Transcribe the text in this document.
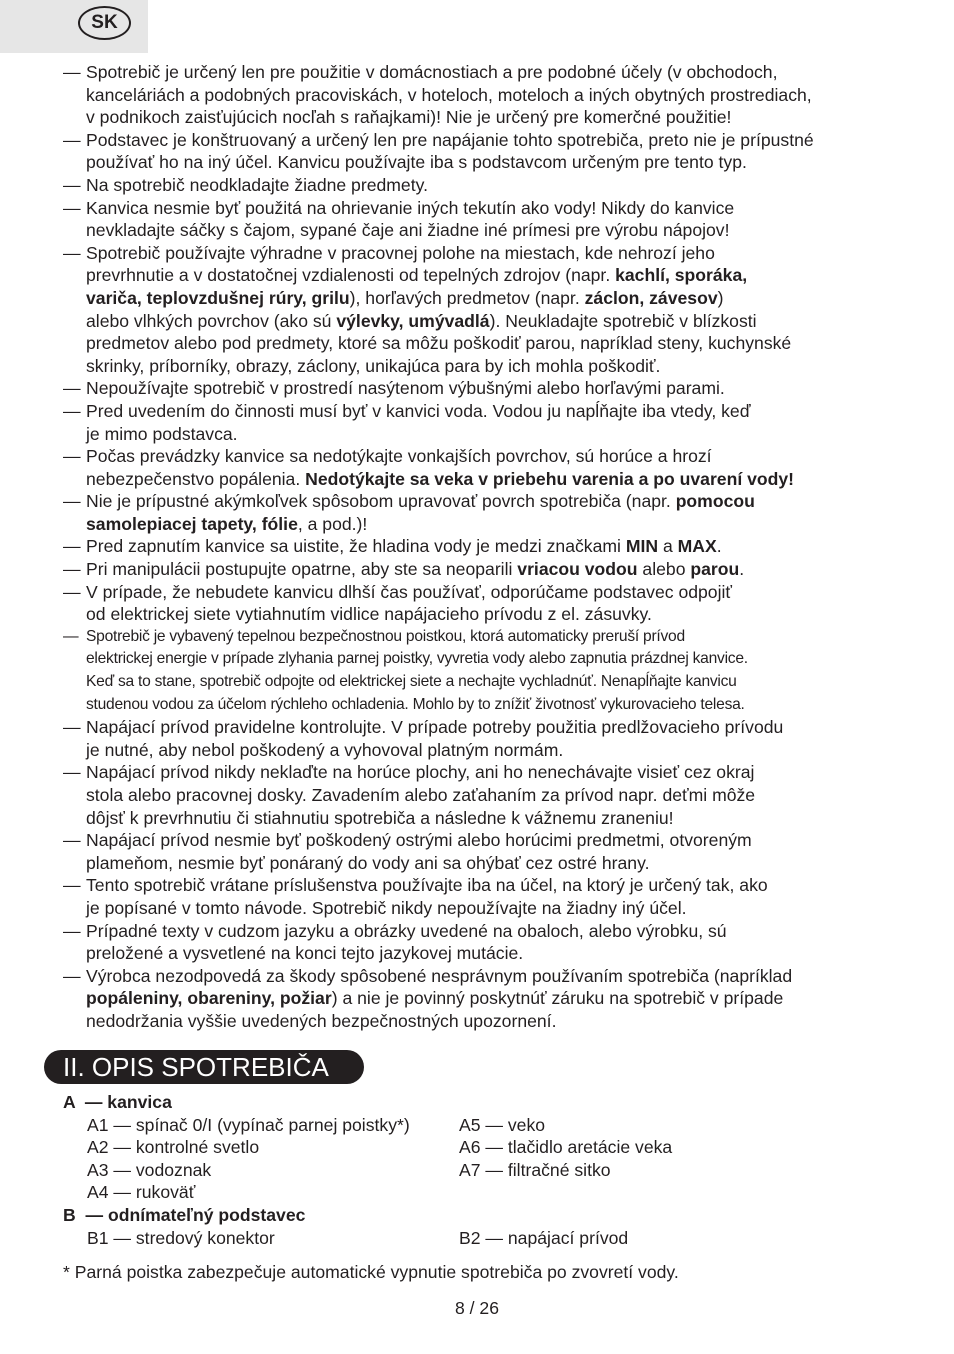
SK
— Spotrebič je určený len pre použitie v domácnostiach a pre podobné účely (v obchodoch,
kanceláriách a podobných pracoviskách, v hoteloch, moteloch a iných obytných prostrediach,
v podnikoch zaisťujúcich nocľah s raňajkami)! Nie je určený pre komerčné použitie!
— Podstavec je konštruovaný a určený len pre napájanie tohto spotrebiča, preto nie je prípustné
používať ho na iný účel. Kanvicu používajte iba s podstavcom určeným pre tento typ.
— Na spotrebič neodkladajte žiadne predmety.
— Kanvica nesmie byť použitá na ohrievanie iných tekutín ako vody! Nikdy do kanvice
nevkladajte sáčky s čajom, sypané čaje ani žiadne iné prímesi pre výrobu nápojov!
— Spotrebič používajte výhradne v pracovnej polohe na miestach, kde nehrozí jeho
prevrhnutie a v dostatočnej vzdialenosti od tepelných zdrojov (napr. kachlí, sporáka,
variča, teplovzdušnej rúry, grilu), horľavých predmetov (napr. záclon, závesov)
alebo vlhkých povrchov (ako sú výlevky, umývadlá). Neukladajte spotrebič v blízkosti
predmetov alebo pod predmety, ktoré sa môžu poškodiť parou, napríklad steny, kuchynské
skrinky, príborníky, obrazy, záclony, unikajúca para by ich mohla poškodiť.
— Nepoužívajte spotrebič v prostredí nasýtenom výbušnými alebo horľavými parami.
— Pred uvedením do činnosti musí byť v kanvici voda. Vodou ju napĺňajte iba vtedy, keď
je mimo podstavca.
— Počas prevádzky kanvice sa nedotýkajte vonkajších povrchov, sú horúce a hrozí
nebezpečenstvo popálenia. Nedotýkajte sa veka v priebehu varenia a po uvarení vody!
— Nie je prípustné akýmkoľvek spôsobom upravovať povrch spotrebiča (napr. pomocou
samolepiacej tapety, fólie, a pod.)!
— Pred zapnutím kanvice sa uistite, že hladina vody je medzi značkami MIN a MAX.
— Pri manipulácii postupujte opatrne, aby ste sa neoparili vriacou vodou alebo parou.
— V prípade, že nebudete kanvicu dlhší čas používať, odporúčame podstavec odpojiť
od elektrickej siete vytiahnutím vidlice napájacieho prívodu z el. zásuvky.
— Spotrebič je vybavený tepelnou bezpečnostnou poistkou, ktorá automaticky preruší prívod
elektrickej energie v prípade zlyhania parnej poistky, vyvretia vody alebo zapnutia prázdnej kanvice.
Keď sa to stane, spotrebič odpojte od elektrickej siete a nechajte vychladnúť. Nenapĺňajte kanvicu
studenou vodou za účelom rýchleho ochladenia. Mohlo by to znížiť životnosť vykurovacieho telesa.
— Napájací prívod pravidelne kontrolujte. V prípade potreby použitia predlžovacieho prívodu
je nutné, aby nebol poškodený a vyhovoval platným normám.
— Napájací prívod nikdy neklaďte na horúce plochy, ani ho nenechávajte visieť cez okraj
stola alebo pracovnej dosky. Zavadením alebo zaťahaním za prívod napr. deťmi môže
dôjsť k prevrhnutiu či stiahnutiu spotrebiča a následne k vážnemu zraneniu!
— Napájací prívod nesmie byť poškodený ostrými alebo horúcimi predmetmi, otvoreným
plameňom, nesmie byť ponáraný do vody ani sa ohýbať cez ostré hrany.
— Tento spotrebič vrátane príslušenstva používajte iba na účel, na ktorý je určený tak, ako
je popísané v tomto návode. Spotrebič nikdy nepoužívajte na žiadny iný účel.
— Prípadné texty v cudzom jazyku a obrázky uvedené na obaloch, alebo výrobku, sú
preložené a vysvetlené na konci tejto jazykovej mutácie.
— Výrobca nezodpovedá za škody spôsobené nesprávnym používaním spotrebiča (napríklad
popáleniny, obareniny, požiar) a nie je povinný poskytnúť záruku na spotrebič v prípade
nedodržania vyššie uvedených bezpečnostných upozornení.
II. OPIS SPOTREBIČA
A  — kanvica
A1 — spínač 0/I (vypínač parnej poistky*)	A5 — veko
A2 — kontrolné svetlo	A6 — tlačidlo aretácie veka
A3 — vodoznak	A7 — filtračné sitko
A4 — rukoväť
B  — odnímateľný podstavec
B1 — stredový konektor	B2 — napájací prívod
* Parná poistka zabezpečuje automatické vypnutie spotrebiča po zvovretí vody.
8 / 26
